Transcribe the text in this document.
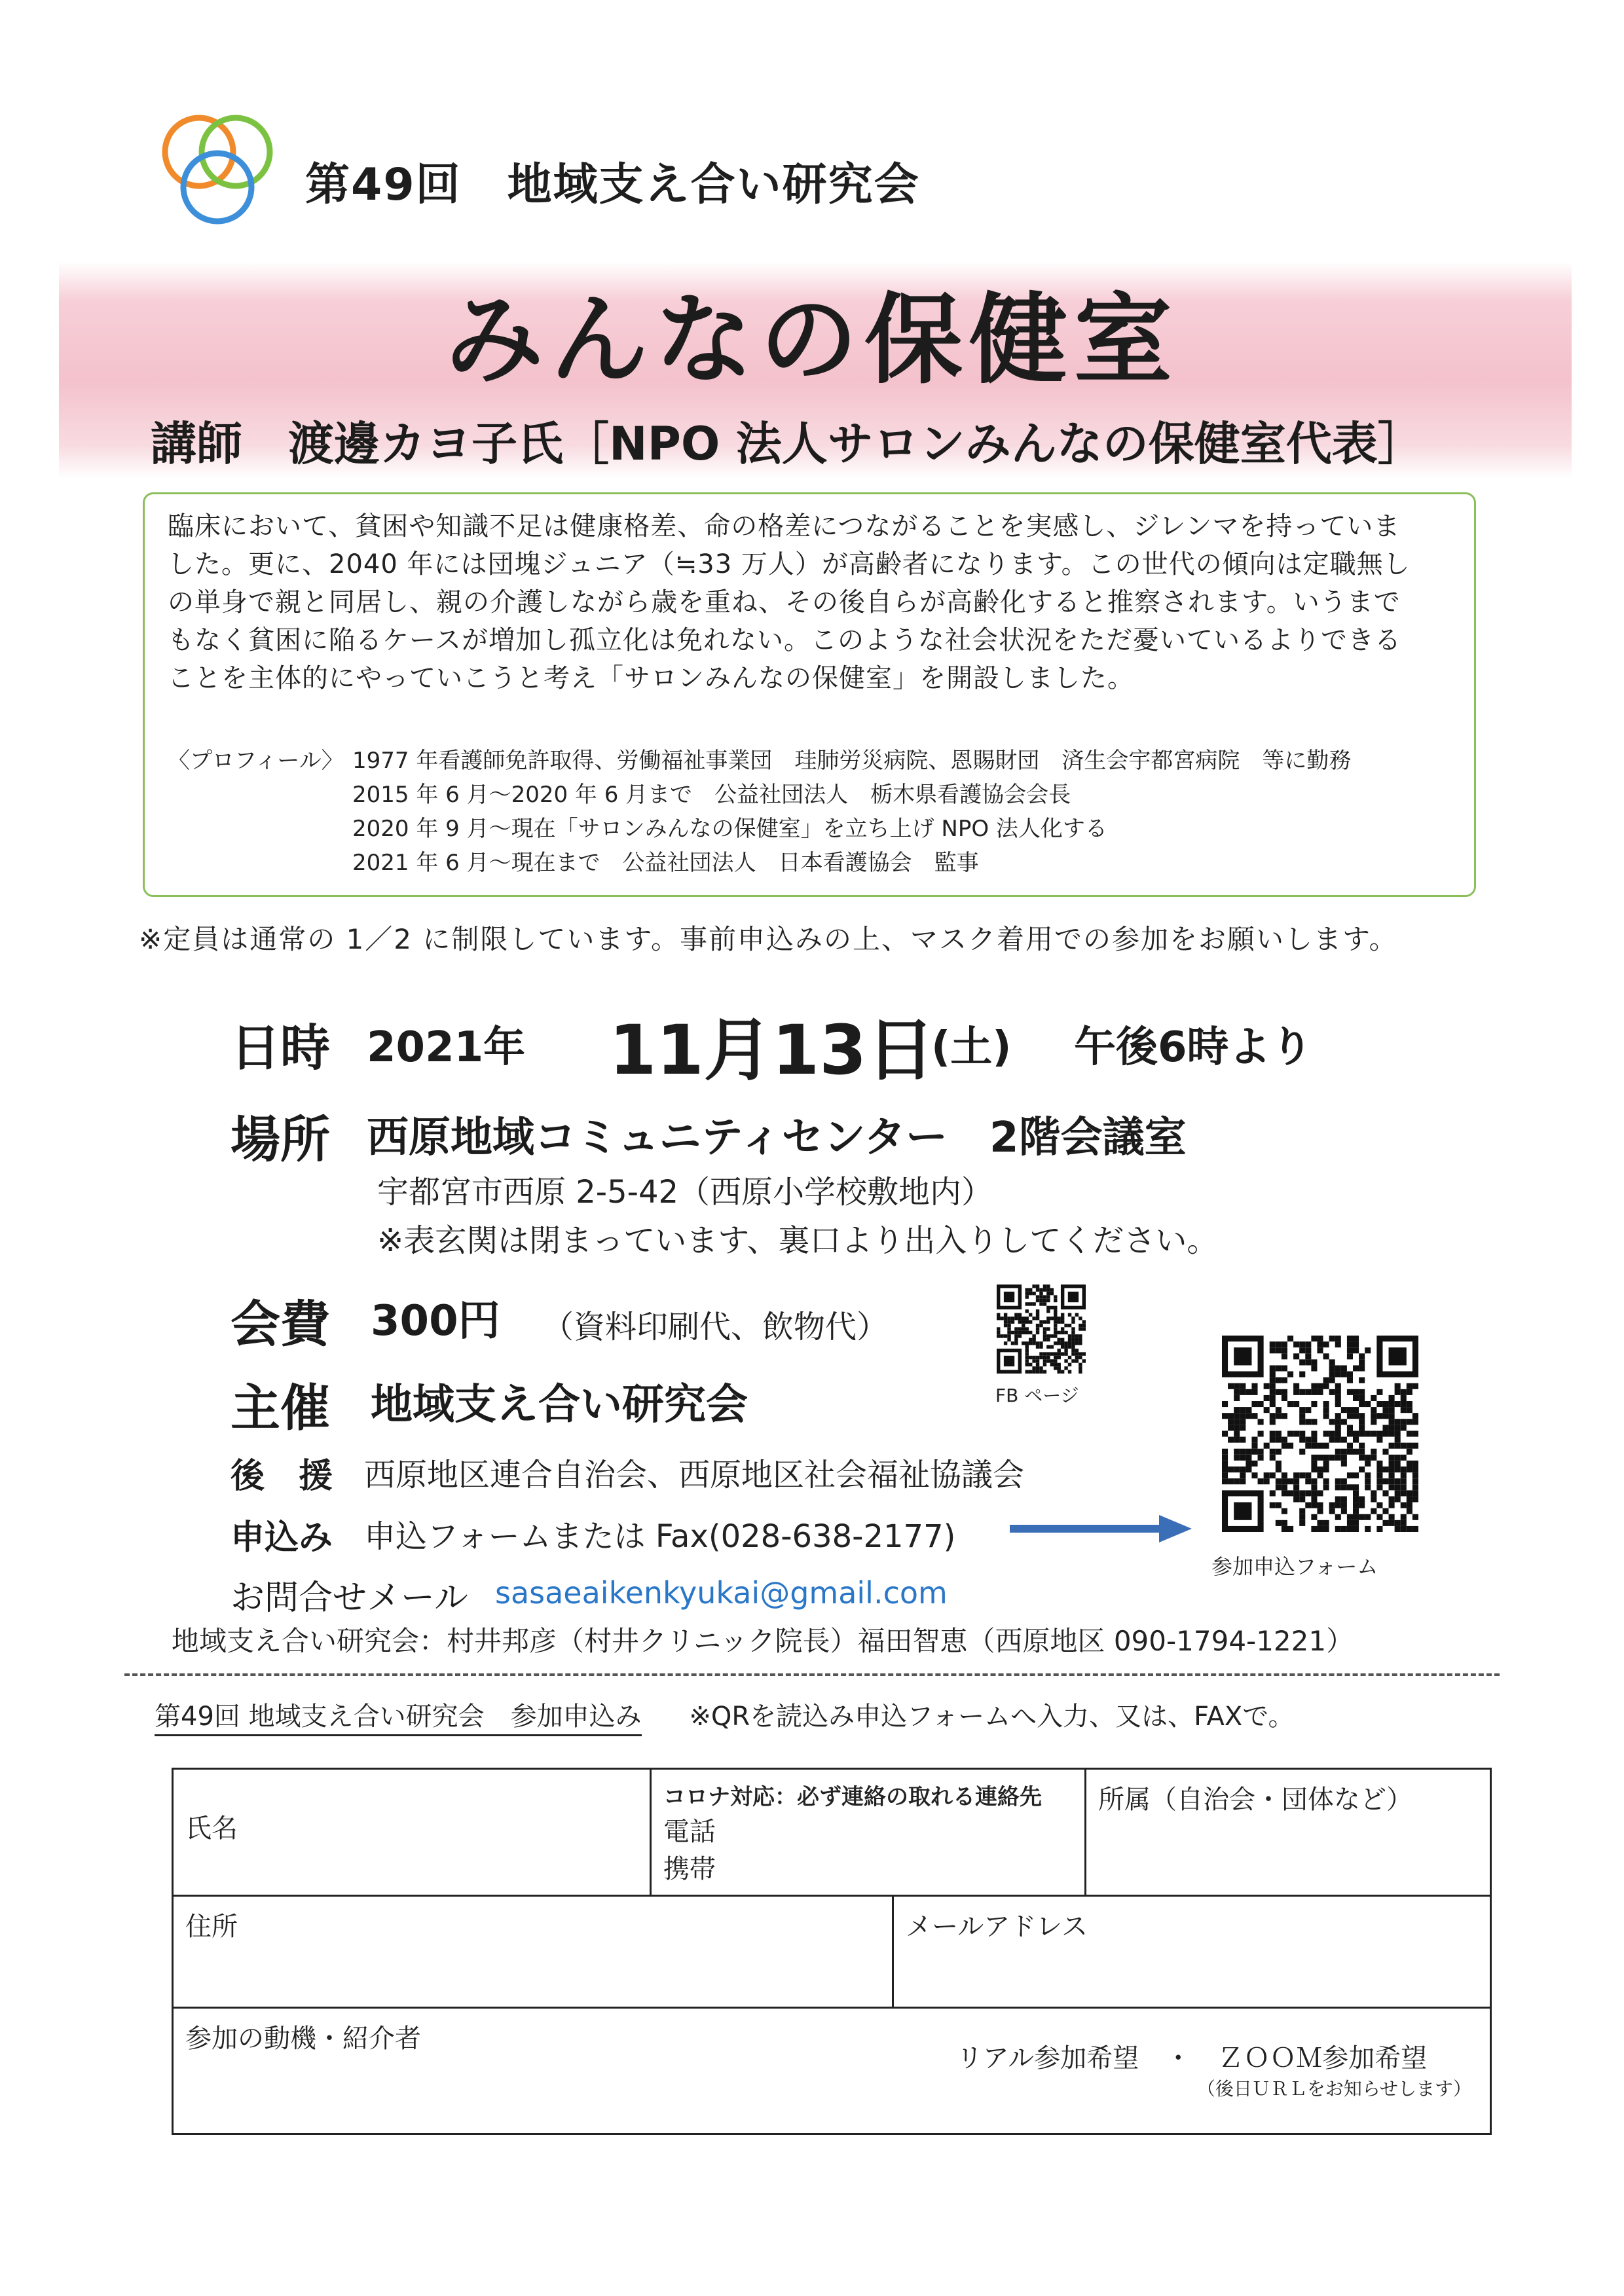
第49回　地域支え合い研究会
みんなの保健室
講師　渡邊カヨ子氏［NPO 法人サロンみんなの保健室代表］
臨床において、貧困や知識不足は健康格差、命の格差につながることを実感し、ジレンマを持っていま
した。更に、2040 年には団塊ジュニア（≒33 万人）が高齢者になります。この世代の傾向は定職無し
の単身で親と同居し、親の介護しながら歳を重ね、その後自らが高齢化すると推察されます。いうまで
もなく貧困に陥るケースが増加し孤立化は免れない。このような社会状況をただ憂いているよりできる
ことを主体的にやっていこうと考え「サロンみんなの保健室」を開設しました。
〈プロフィール〉 1977 年看護師免許取得、労働福祉事業団　珪肺労災病院、恩賜財団　済生会宇都宮病院　等に勤務
2015 年 6 月～2020 年 6 月まで　公益社団法人　栃木県看護協会会長
2020 年 9 月～現在「サロンみんなの保健室」を立ち上げ NPO 法人化する
2021 年 6 月～現在まで　公益社団法人　日本看護協会　監事
※定員は通常の 1／2 に制限しています。事前申込みの上、マスク着用での参加をお願いします。
日時 2021年 11月13日
(土) 午後6時より
場所 西原地域コミュニティセンター　2階会議室
宇都宮市西原 2-5-42（西原小学校敷地内）
※表玄関は閉まっています、裏口より出入りしてください。
会費 300円 （資料印刷代、飲物代）
主催 地域支え合い研究会
後　援 西原地区連合自治会、西原地区社会福祉協議会
申込み 申込フォームまたは Fax(028-638-2177)
お問合せメール sasaeaikenkyukai@gmail.com
FB ページ
参加申込フォーム
地域支え合い研究会：村井邦彦（村井クリニック院長）福田智恵（西原地区 090-1794-1221）
第49回 地域支え合い研究会　参加申込み ※QRを読込み申込フォームへ入力、又は、FAXで。
氏名

コロナ対応：必ず連絡の取れる連絡先
電話
携帯

所属（自治会・団体など）

住所	メールアドレス

参加の動機・紹介者
リアル参加希望　・　ＺＯＯＭ参加希望
（後日ＵＲＬをお知らせします）
